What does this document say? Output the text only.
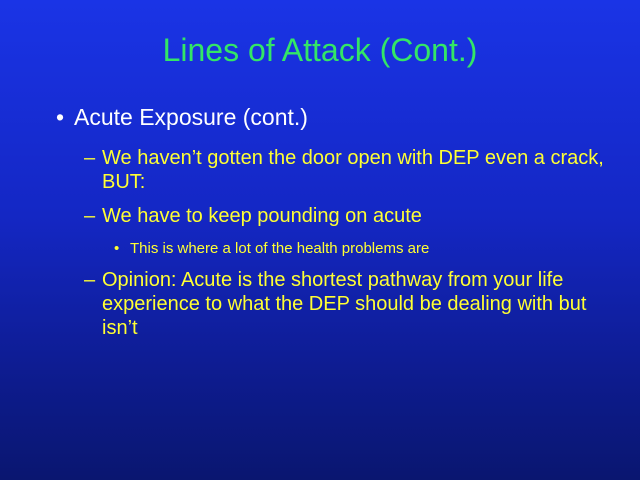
Lines of Attack (Cont.)
• Acute Exposure (cont.)
– We haven’t gotten the door open with DEP even a crack, BUT:
– We have to keep pounding on acute
• This is where a lot of the health problems are
– Opinion: Acute is the shortest pathway from your life experience to what the DEP should be dealing with but isn’t
